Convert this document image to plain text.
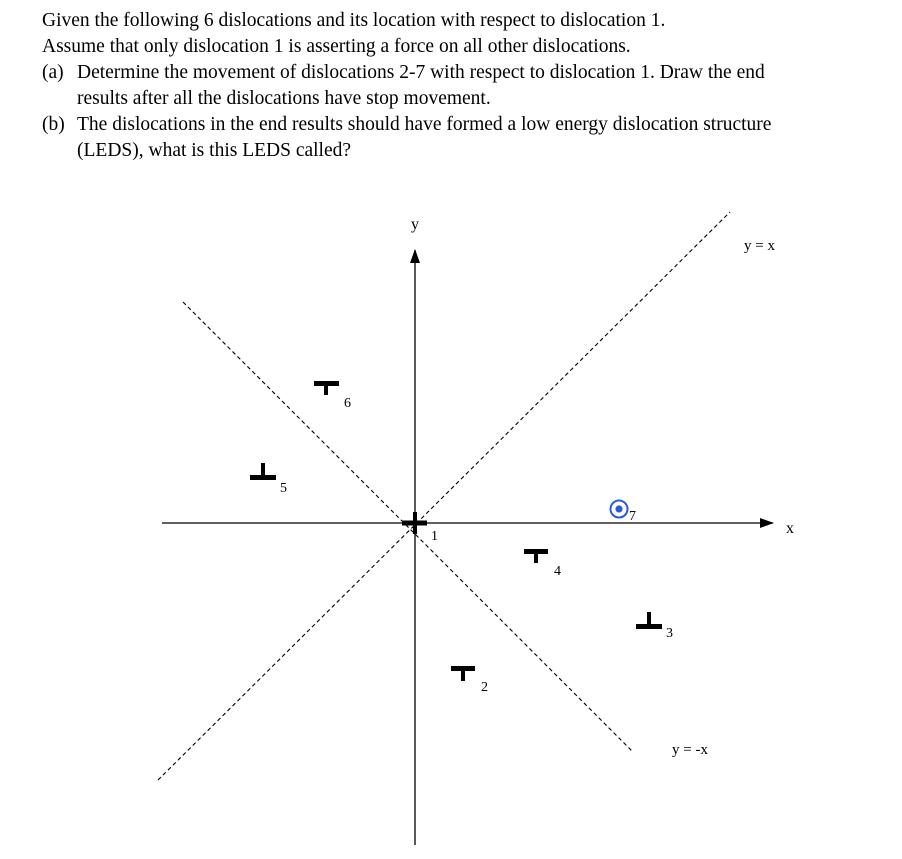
Given the following 6 dislocations and its location with respect to dislocation 1.

Assume that only dislocation 1 is asserting a force on all other dislocations.

(a) Determine the movement of dislocations 2-7 with respect to dislocation 1. Draw the end
results after all the dislocations have stop movement.
(b) The dislocations in the end results should have formed a low energy dislocation structure
(LEDS), what is this LEDS called?
x
y
y = x
y = -x
1
2
3
4
5
6
7
